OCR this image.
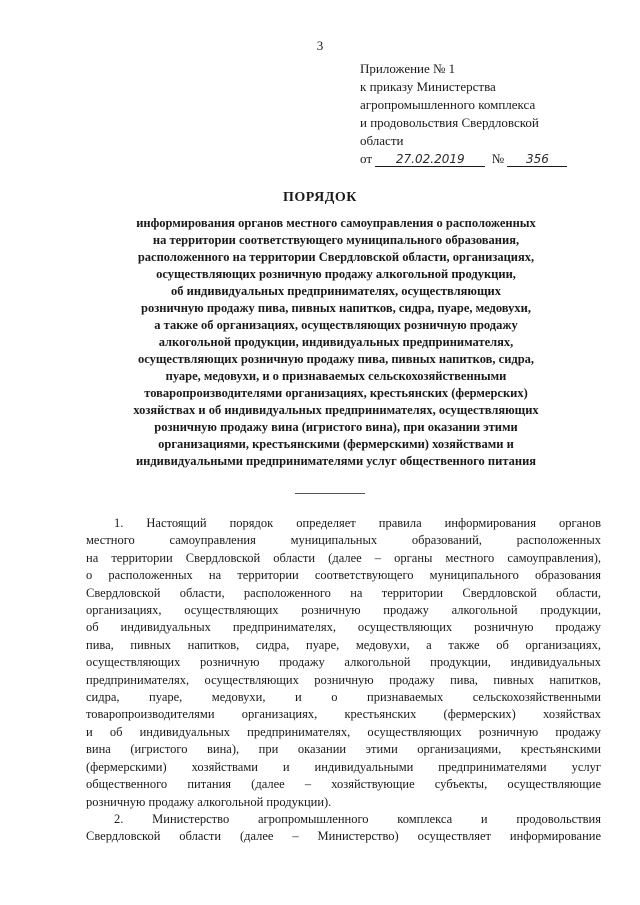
3
Приложение № 1
к приказу Министерства
агропромышленного комплекса
и продовольствия Свердловской
области
от
	27.02.2019
	№
	356
ПОРЯДОК
информирования органов местного самоуправления о расположенных
на территории соответствующего муниципального образования,
расположенного на территории Свердловской области, организациях,
осуществляющих розничную продажу алкогольной продукции,
об индивидуальных предпринимателях, осуществляющих
розничную продажу пива, пивных напитков, сидра, пуаре, медовухи,
а также об организациях, осуществляющих розничную продажу
алкогольной продукции, индивидуальных предпринимателях,
осуществляющих розничную продажу пива, пивных напитков, сидра,
пуаре, медовухи, и о признаваемых сельскохозяйственными
товаропроизводителями организациях, крестьянских (фермерских)
хозяйствах и об индивидуальных предпринимателях, осуществляющих
розничную продажу вина (игристого вина), при оказании этими
организациями, крестьянскими (фермерскими) хозяйствами и
индивидуальными предпринимателями услуг общественного питания
1. Настоящий порядок определяет правила информирования органов
местного самоуправления муниципальных образований, расположенных
на территории Свердловской области (далее – органы местного самоуправления),
о расположенных на территории соответствующего муниципального образования
Свердловской области, расположенного на территории Свердловской области,
организациях, осуществляющих розничную продажу алкогольной продукции,
об индивидуальных предпринимателях, осуществляющих розничную продажу
пива, пивных напитков, сидра, пуаре, медовухи, а также об организациях,
осуществляющих розничную продажу алкогольной продукции, индивидуальных
предпринимателях, осуществляющих розничную продажу пива, пивных напитков,
сидра, пуаре, медовухи, и о признаваемых сельскохозяйственными
товаропроизводителями организациях, крестьянских (фермерских) хозяйствах
и об индивидуальных предпринимателях, осуществляющих розничную продажу
вина (игристого вина), при оказании этими организациями, крестьянскими
(фермерскими) хозяйствами и индивидуальными предпринимателями услуг
общественного питания (далее – хозяйствующие субъекты, осуществляющие
розничную продажу алкогольной продукции).
2. Министерство агропромышленного комплекса и продовольствия
Свердловской области (далее – Министерство) осуществляет информирование
